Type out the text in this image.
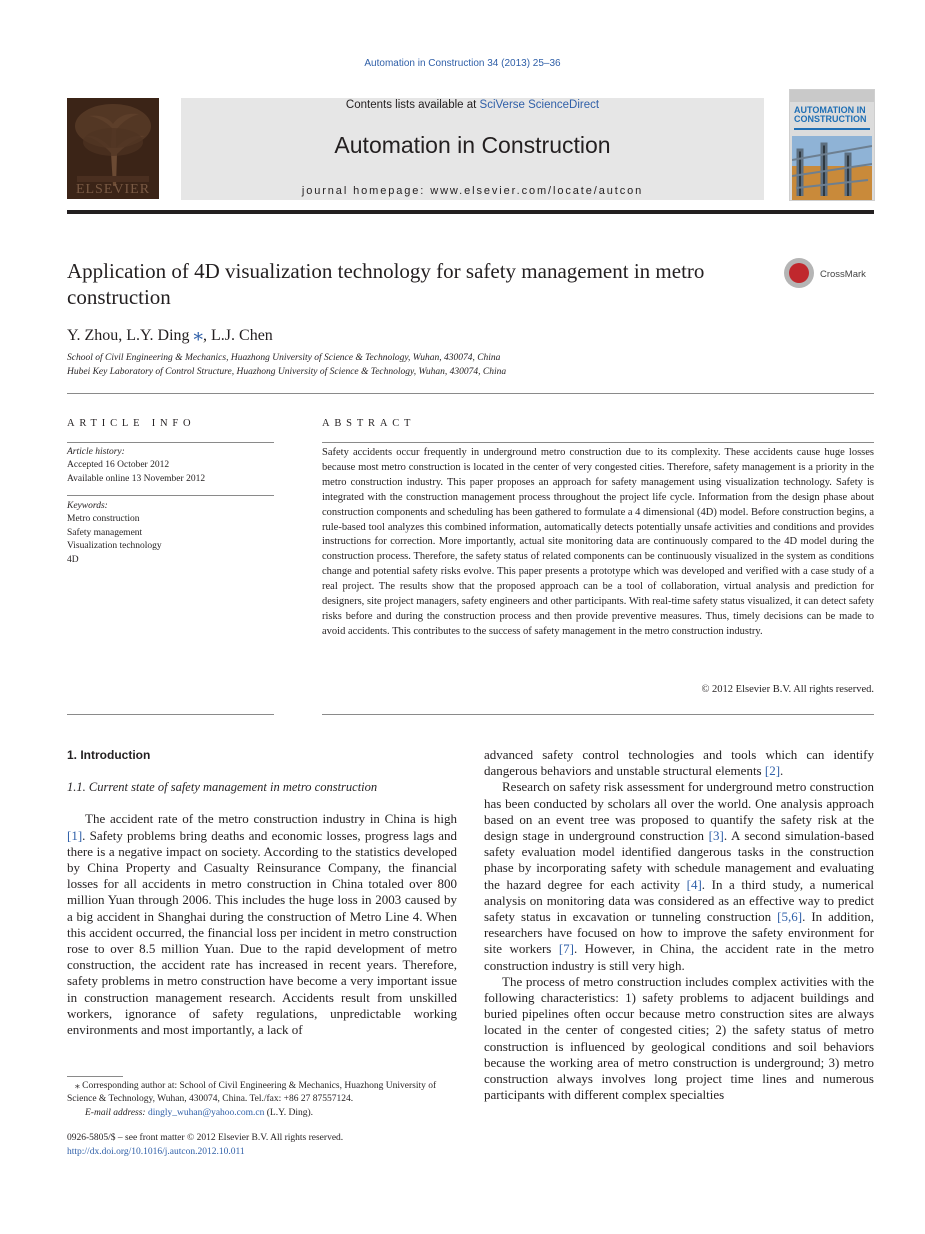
Automation in Construction 34 (2013) 25–36
ELSEVIER
Contents lists available at SciVerse ScienceDirect
Automation in Construction
journal homepage: www.elsevier.com/locate/autcon
AUTOMATION IN CONSTRUCTION
Application of 4D visualization technology for safety management in metro construction
CrossMark
Y. Zhou, L.Y. Ding ⁎, L.J. Chen
School of Civil Engineering & Mechanics, Huazhong University of Science & Technology, Wuhan, 430074, China
Hubei Key Laboratory of Control Structure, Huazhong University of Science & Technology, Wuhan, 430074, China
ARTICLE INFO
Article history:
Accepted 16 October 2012
Available online 13 November 2012
Keywords:
Metro construction
Safety management
Visualization technology
4D
ABSTRACT
Safety accidents occur frequently in underground metro construction due to its complexity. These accidents cause huge losses because most metro construction is located in the center of very congested cities. Therefore, safety management is a priority in the metro construction industry. This paper proposes an approach for safety management using visualization technology. Safety is integrated with the construction management process throughout the project life cycle. Information from the design phase about construction components and scheduling has been gathered to formulate a 4 dimensional (4D) model. Before construction begins, a rule-based tool analyzes this combined information, automatically detects potentially unsafe activities and conditions and provides instructions for correction. More importantly, actual site monitoring data are continuously compared to the 4D model during the construction process. Therefore, the safety status of related components can be continuously visualized in the system as conditions change and potential safety risks evolve. This paper presents a prototype which was developed and verified with a case study of a real project. The results show that the proposed approach can be a tool of collaboration, virtual analysis and prediction for designers, site project managers, safety engineers and other participants. With real-time safety status visualized, it can detect safety risks before and during the construction process and then provide preventive measures. Thus, timely decisions can be made to avoid accidents. This contributes to the success of safety management in the metro construction industry.
© 2012 Elsevier B.V. All rights reserved.

1. Introduction

1.1. Current state of safety management in metro construction

The accident rate of the metro construction industry in China is high [1]. Safety problems bring deaths and economic losses, progress lags and there is a negative impact on society. According to the statistics developed by China Property and Casualty Reinsurance Company, the financial losses for all accidents in metro construction in China totaled over 800 million Yuan through 2006. This includes the huge loss in 2003 caused by a big accident in Shanghai during the construction of Metro Line 4. When this accident occurred, the financial loss per incident in metro construction rose to over 8.5 million Yuan. Due to the rapid development of metro construction, the accident rate has increased in recent years. Therefore, safety problems in metro construction have become a very important issue in construction management research. Accidents result from unskilled workers, ignorance of safety regulations, unpredictable working environments and most importantly, a lack of

advanced safety control technologies and tools which can identify dangerous behaviors and unstable structural elements [2].

Research on safety risk assessment for underground metro construction has been conducted by scholars all over the world. One analysis approach based on an event tree was proposed to quantify the safety risk at the design stage in underground construction [3]. A second simulation-based safety evaluation model identified dangerous tasks in the construction phase by incorporating safety with schedule management and evaluating the hazard degree for each activity [4]. In a third study, a numerical analysis on monitoring data was considered as an effective way to predict safety status in excavation or tunneling construction [5,6]. In addition, researchers have focused on how to improve the safety environment for site workers [7]. However, in China, the accident rate in the metro construction industry is still very high.

The process of metro construction includes complex activities with the following characteristics: 1) safety problems to adjacent buildings and buried pipelines often occur because metro construction sites are always located in the center of congested cities; 2) the safety status of metro construction is influenced by geological conditions and soil behaviors because the working area of metro construction is underground; 3) metro construction always involves long project time lines and numerous participants with different complex specialties

⁎ Corresponding author at: School of Civil Engineering & Mechanics, Huazhong University of Science & Technology, Wuhan, 430074, China. Tel./fax: +86 27 87557124.
E-mail address: dingly_wuhan@yahoo.com.cn (L.Y. Ding).
0926-5805/$ – see front matter © 2012 Elsevier B.V. All rights reserved.
http://dx.doi.org/10.1016/j.autcon.2012.10.011
